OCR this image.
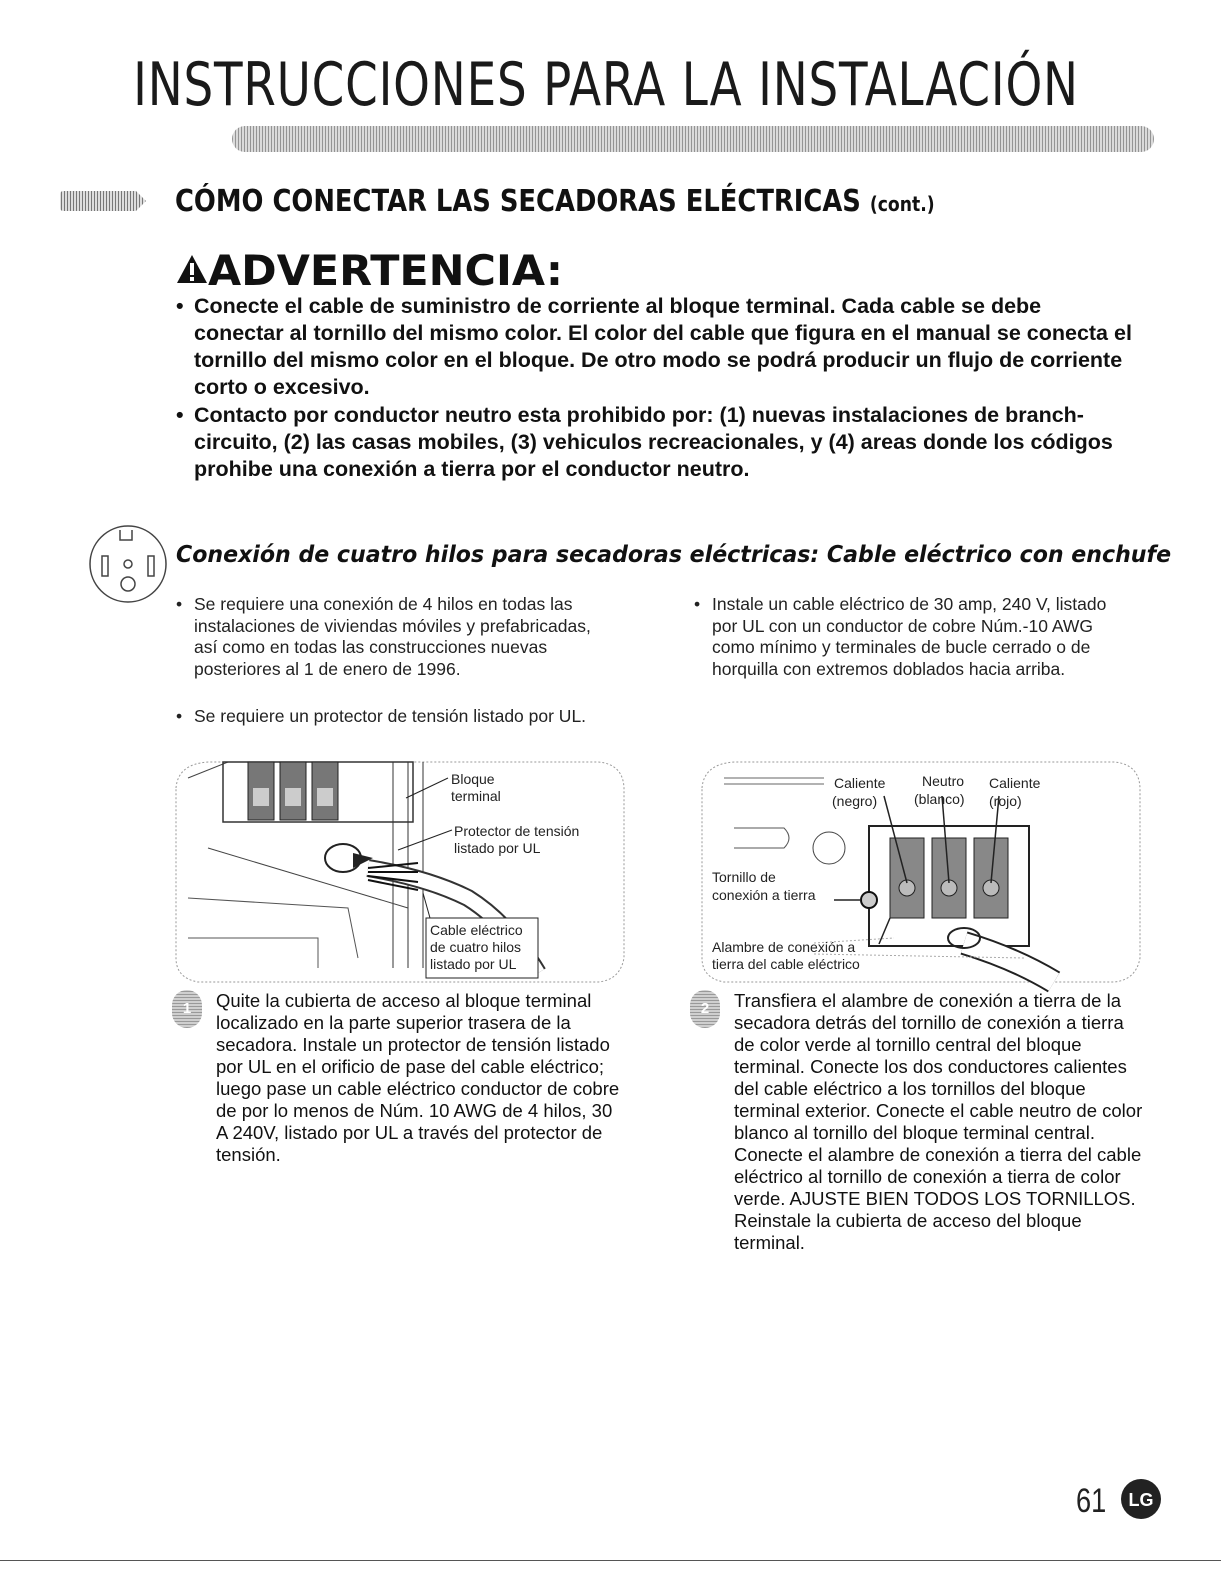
INSTRUCCIONES PARA LA INSTALACIÓN
CÓMO CONECTAR LAS SECADORAS ELÉCTRICAS (cont.)
ADVERTENCIA:
• Conecte el cable de suministro de corriente al bloque terminal. Cada cable se debe conectar al tornillo del mismo color. El color del cable que figura en el manual se conecta el tornillo del mismo color en el bloque. De otro modo se podrá producir un flujo de corriente corto o excesivo.
• Contacto por conductor neutro esta prohibido por: (1) nuevas instalaciones de branch-circuito, (2) las casas mobiles, (3) vehiculos recreacionales, y (4) areas donde los códigos prohibe una conexión a tierra por el conductor neutro.
Conexión de cuatro hilos para secadoras eléctricas: Cable eléctrico con enchufe
• Se requiere una conexión de 4 hilos en todas las instalaciones de viviendas móviles y prefabricadas, así como en todas las construcciones nuevas posteriores al 1 de enero de 1996.
• Se requiere un protector de tensión listado por UL.
• Instale un cable eléctrico de 30 amp, 240 V, listado por UL con un conductor de cobre Núm.-10 AWG como mínimo y terminales de bucle cerrado o de horquilla con extremos doblados hacia arriba.
Bloque
terminal
Protector de tensión
listado por UL
Cable eléctrico
de cuatro hilos
listado por UL
Caliente
(negro)
Neutro
(blanco)
Caliente
(rojo)
Tornillo de
conexión a tierra
Alambre de conexión a
tierra del cable eléctrico
1	Quite la cubierta de acceso al bloque terminal localizado en la parte superior trasera de la secadora. Instale un protector de tensión listado por UL en el orificio de pase del cable eléctrico; luego pase un cable eléctrico conductor de cobre de por lo menos de Núm. 10 AWG de 4 hilos, 30 A 240V, listado por UL a través del protector de tensión.
2	Transfiera el alambre de conexión a tierra de la secadora detrás del tornillo de conexión a tierra de color verde al tornillo central del bloque terminal. Conecte los dos conductores calientes del cable eléctrico a los tornillos del bloque terminal exterior. Conecte el cable neutro de color blanco al tornillo del bloque terminal central. Conecte el alambre de conexión a tierra del cable eléctrico al tornillo de conexión a tierra de color verde. AJUSTE BIEN TODOS LOS TORNILLOS. Reinstale la cubierta de acceso del bloque terminal.
61 LG
